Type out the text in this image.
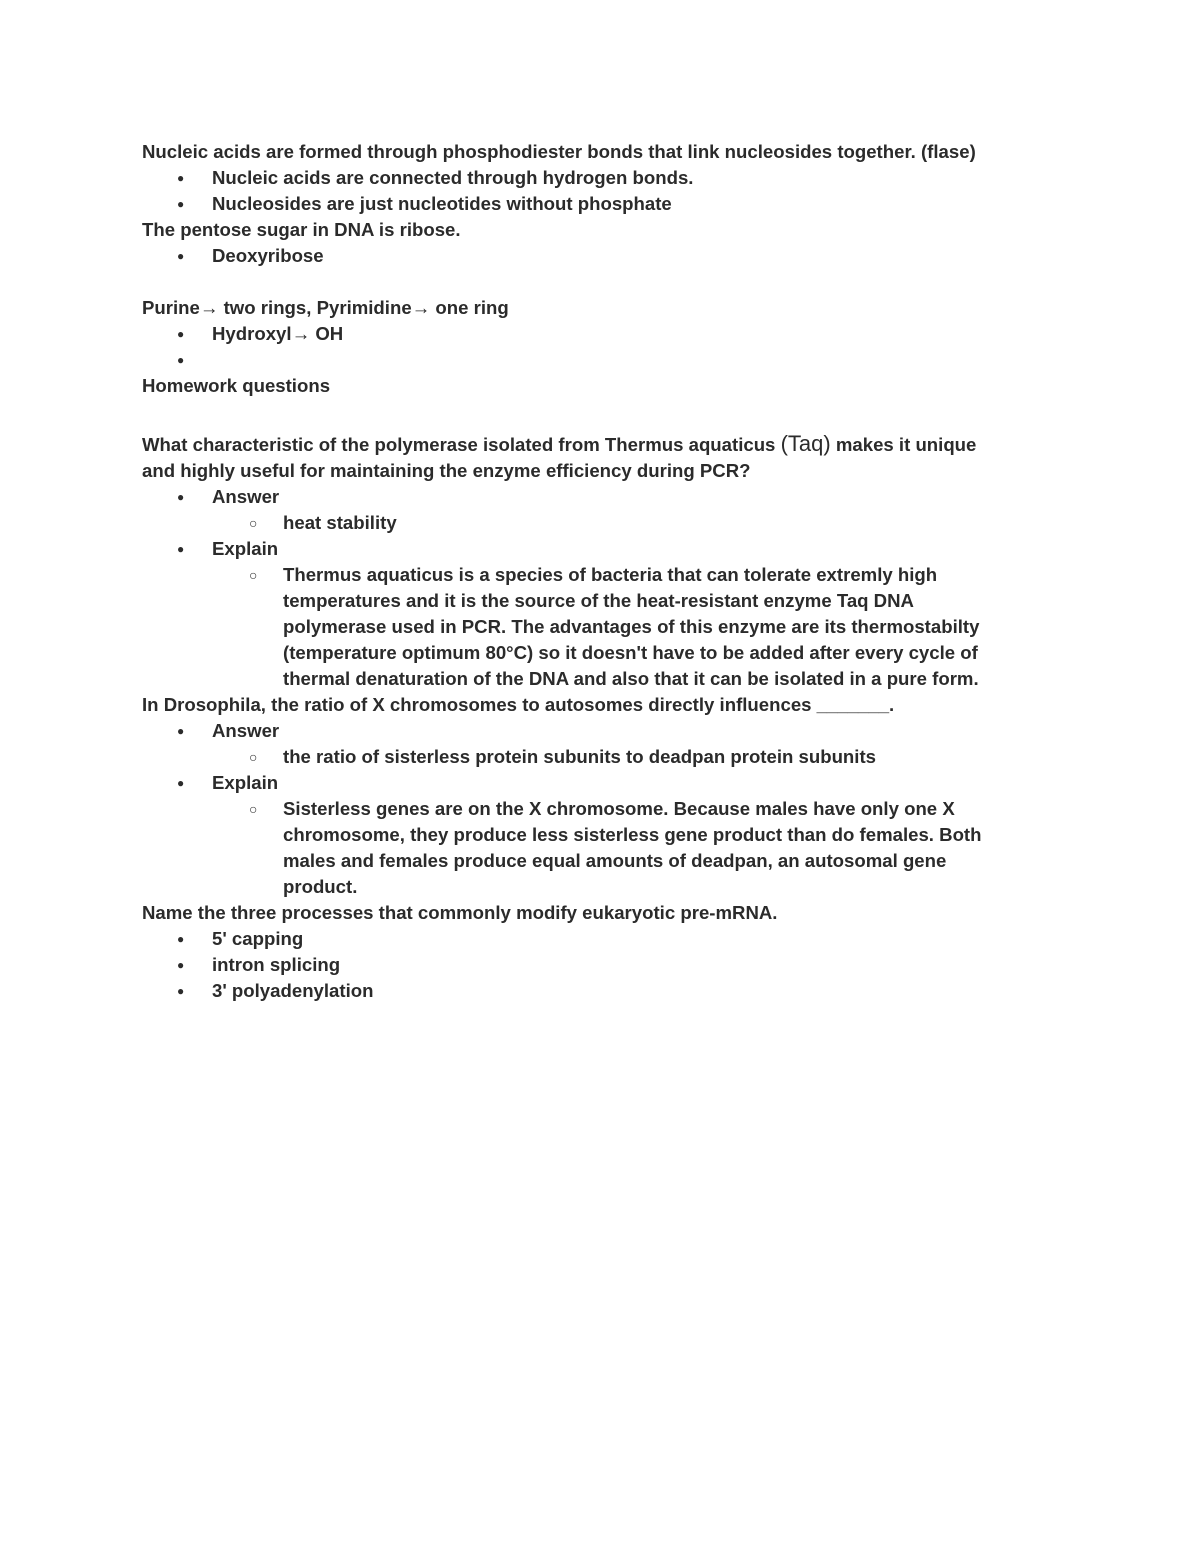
Nucleic acids are formed through phosphodiester bonds that link nucleosides together. (flase)
● Nucleic acids are connected through hydrogen bonds.
● Nucleosides are just nucleotides without phosphate
The pentose sugar in DNA is ribose.
● Deoxyribose
Purine→ two rings, Pyrimidine→ one ring
● Hydroxyl→ OH
●
Homework questions
What characteristic of the polymerase isolated from Thermus aquaticus (Taq) makes it unique
and highly useful for maintaining the enzyme efficiency during PCR?
● Answer
○ heat stability
● Explain
○ Thermus aquaticus is a species of bacteria that can tolerate extremly high
temperatures and it is the source of the heat-resistant enzyme Taq DNA
polymerase used in PCR. The advantages of this enzyme are its thermostabilty
(temperature optimum 80°C) so it doesn't have to be added after every cycle of
thermal denaturation of the DNA and also that it can be isolated in a pure form.
In Drosophila, the ratio of X chromosomes to autosomes directly influences _______.
● Answer
○ the ratio of sisterless protein subunits to deadpan protein subunits
● Explain
○ Sisterless genes are on the X chromosome. Because males have only one X
chromosome, they produce less sisterless gene product than do females. Both
males and females produce equal amounts of deadpan, an autosomal gene
product.
Name the three processes that commonly modify eukaryotic pre-mRNA.
● 5' capping
● intron splicing
● 3' polyadenylation
